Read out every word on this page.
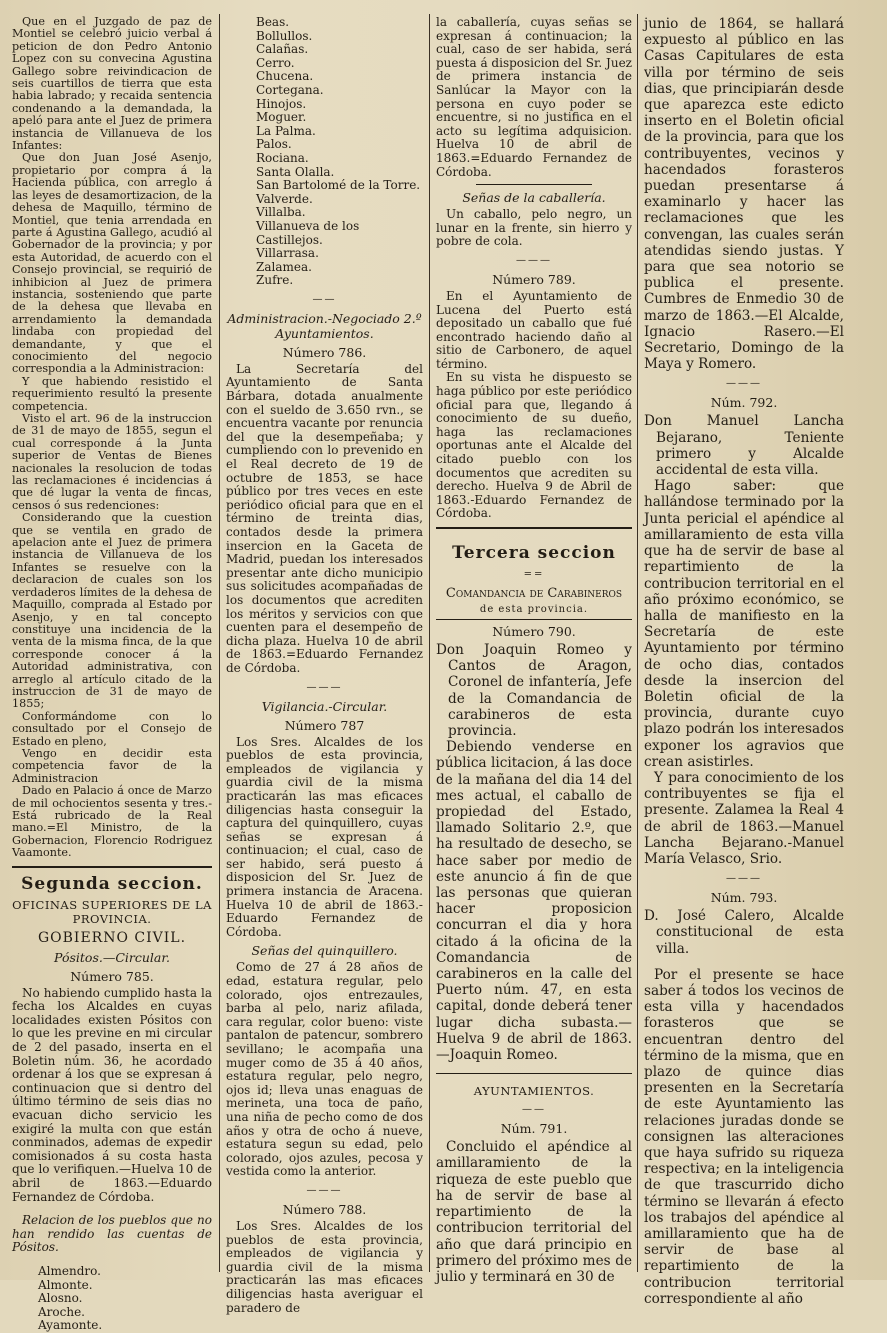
Que en el Juzgado de paz de Montiel se celebró juicio verbal á peticion de don Pedro Antonio Lopez con su convecina Agustina Gallego sobre reivindicacion de seis cuartillos de tierra que esta habia labrado; y recaida sentencia condenando a la demandada, la apeló para ante el Juez de primera instancia de Villanueva de los Infantes:

Que don Juan José Asenjo, propietario por compra á la Hacienda pública, con arreglo á las leyes de desamortizacion, de la dehesa de Maquillo, término de Montiel, que tenia arrendada en parte á Agustina Gallego, acudió al Gobernador de la provincia; y por esta Autoridad, de acuerdo con el Consejo provincial, se requirió de inhibicion al Juez de primera instancia, sosteniendo que parte de la dehesa que llevaba en arrendamiento la demandada lindaba con propiedad del demandante, y que el conocimiento del negocio correspondia a la Administracion:

Y que habiendo resistido el requerimiento resultó la presente competencia.

Visto el art. 96 de la instruccion de 31 de mayo de 1855, segun el cual corresponde á la Junta superior de Ventas de Bienes nacionales la resolucion de todas las reclamaciones é incidencias á que dé lugar la venta de fincas, censos ó sus redenciones:

Considerando que la cuestion que se ventila en grado de apelacion ante el Juez de primera instancia de Villanueva de los Infantes se resuelve con la declaracion de cuales son los verdaderos límites de la dehesa de Maquillo, comprada al Estado por Asenjo, y en tal concepto constituye una incidencia de la venta de la misma finca, de la que corresponde conocer á la Autoridad administrativa, con arreglo al artículo citado de la instruccion de 31 de mayo de 1855;

Conformándome con lo consultado por el Consejo de Estado en pleno,

Vengo en decidir esta competencia favor de la Administracion

Dado en Palacio á once de Marzo de mil ochocientos sesenta y tres.-Está rubricado de la Real mano.=El Ministro, de la Gobernacion, Florencio Rodriguez Vaamonte.

Segunda seccion.
OFICINAS SUPERIORES DE LA PROVINCIA.
GOBIERNO CIVIL.
Pósitos.—Circular.
Número 785.

No habiendo cumplido hasta la fecha los Alcaldes en cuyas localidades existen Pósitos con lo que les previne en mi circular de 2 del pasado, inserta en el Boletin núm. 36, he acordado ordenar á los que se expresan á continuacion que si dentro del último término de seis dias no evacuan dicho servicio les exigiré la multa con que están conminados, ademas de expedir comisionados á su costa hasta que lo verifiquen.—Huelva 10 de abril de 1863.—Eduardo Fernandez de Córdoba.

Relacion de los pueblos que no han rendido las cuentas de Pósitos.

Almendro.
Almonte.
Alosno.
Aroche.
Ayamonte.
Beas.
Bollullos.
Calañas.
Cerro.
Chucena.
Cortegana.
Hinojos.
Moguer.
La Palma.
Palos.
Rociana.
Santa Olalla.
San Bartolomé de la Torre.
Valverde.
Villalba.
Villanueva de los Castillejos.
Villarrasa.
Zalamea.
Zufre.
——
Administracion.-Negociado 2.º Ayuntamientos.
Número 786.

La Secretaría del Ayuntamiento de Santa Bárbara, dotada anualmente con el sueldo de 3.650 rvn., se encuentra vacante por renuncia del que la desempeñaba; y cumpliendo con lo prevenido en el Real decreto de 19 de octubre de 1853, se hace público por tres veces en este periódico oficial para que en el término de treinta dias, contados desde la primera insercion en la Gaceta de Madrid, puedan los interesados presentar ante dicho municipio sus solicitudes acompañadas de los documentos que acrediten los méritos y servicios con que cuenten para el desempeño de dicha plaza. Huelva 10 de abril de 1863.=Eduardo Fernandez de Córdoba.

———
Vigilancia.-Circular.
Número 787

Los Sres. Alcaldes de los pueblos de esta provincia, empleados de vigilancia y guardia civil de la misma practicarán las mas eficaces diligencias hasta conseguir la captura del quinquillero, cuyas señas se expresan á continuacion; el cual, caso de ser habido, será puesto á disposicion del Sr. Juez de primera instancia de Aracena. Huelva 10 de abril de 1863.-Eduardo Fernandez de Córdoba.

Señas del quinquillero.

Como de 27 á 28 años de edad, estatura regular, pelo colorado, ojos entrezaules, barba al pelo, nariz afilada, cara regular, color bueno: viste pantalon de patencur, sombrero sevillano; le acompaña una muger como de 35 á 40 años, estatura regular, pelo negro, ojos id; lleva unas enaguas de merineta, una toca de paño, una niña de pecho como de dos años y otra de ocho á nueve, estatura segun su edad, pelo colorado, ojos azules, pecosa y vestida como la anterior.

———
Número 788.

Los Sres. Alcaldes de los pueblos de esta provincia, empleados de vigilancia y guardia civil de la misma practicarán las mas eficaces diligencias hasta averiguar el paradero de

la caballería, cuyas señas se expresan á continuacion; la cual, caso de ser habida, será puesta á disposicion del Sr. Juez de primera instancia de Sanlúcar la Mayor con la persona en cuyo poder se encuentre, si no justifica en el acto su legítima adquisicion. Huelva 10 de abril de 1863.=Eduardo Fernandez de Córdoba.

Señas de la caballería.

Un caballo, pelo negro, un lunar en la frente, sin hierro y pobre de cola.

———
Número 789.

En el Ayuntamiento de Lucena del Puerto está depositado un caballo que fué encontrado haciendo daño al sitio de Carbonero, de aquel término.

En su vista he dispuesto se haga público por este periódico oficial para que, llegando á conocimiento de su dueño, haga las reclamaciones oportunas ante el Alcalde del citado pueblo con los documentos que acrediten su derecho. Huelva 9 de Abril de 1863.-Eduardo Fernandez de Córdoba.

Tercera seccion
==
Comandancia de Carabineros
de esta provincia.
Número 790.

Don Joaquin Romeo y Cantos de Aragon, Coronel de infantería, Jefe de la Comandancia de carabineros de esta provincia.

Debiendo venderse en pública licitacion, á las doce de la mañana del dia 14 del mes actual, el caballo de propiedad del Estado, llamado Solitario 2.º, que ha resultado de desecho, se hace saber por medio de este anuncio á fin de que las personas que quieran hacer proposicion concurran el dia y hora citado á la oficina de la Comandancia de carabineros en la calle del Puerto núm. 47, en esta capital, donde deberá tener lugar dicha subasta.—Huelva 9 de abril de 1863.—Joaquin Romeo.

AYUNTAMIENTOS.
——
Núm. 791.

Concluido el apéndice al amillaramiento de la riqueza de este pueblo que ha de servir de base al repartimiento de la contribucion territorial del año que dará principio en primero del próximo mes de julio y terminará en 30 de

junio de 1864, se hallará expuesto al público en las Casas Capitulares de esta villa por término de seis dias, que principiarán desde que aparezca este edicto inserto en el Boletin oficial de la provincia, para que los contribuyentes, vecinos y hacendados forasteros puedan presentarse á examinarlo y hacer las reclamaciones que les convengan, las cuales serán atendidas siendo justas. Y para que sea notorio se publica el presente. Cumbres de Enmedio 30 de marzo de 1863.—El Alcalde, Ignacio Rasero.—El Secretario, Domingo de la Maya y Romero.

———
Núm. 792.

Don Manuel Lancha Bejarano, Teniente primero y Alcalde accidental de esta villa.

Hago saber: que hallándose terminado por la Junta pericial el apéndice al amillaramiento de esta villa que ha de servir de base al repartimiento de la contribucion territorial en el año próximo económico, se halla de manifiesto en la Secretaría de este Ayuntamiento por término de ocho dias, contados desde la insercion del Boletin oficial de la provincia, durante cuyo plazo podrán los interesados exponer los agravios que crean asistirles.

Y para conocimiento de los contribuyentes se fija el presente. Zalamea la Real 4 de abril de 1863.—Manuel Lancha Bejarano.-Manuel María Velasco, Srio.

———
Núm. 793.

D. José Calero, Alcalde constitucional de esta villa.

Por el presente se hace saber á todos los vecinos de esta villa y hacendados forasteros que se encuentran dentro del término de la misma, que en plazo de quince dias presenten en la Secretaría de este Ayuntamiento las relaciones juradas donde se consignen las alteraciones que haya sufrido su riqueza respectiva; en la inteligencia de que trascurrido dicho término se llevarán á efecto los trabajos del apéndice al amillaramiento que ha de servir de base al repartimiento de la contribucion territorial correspondiente al año
